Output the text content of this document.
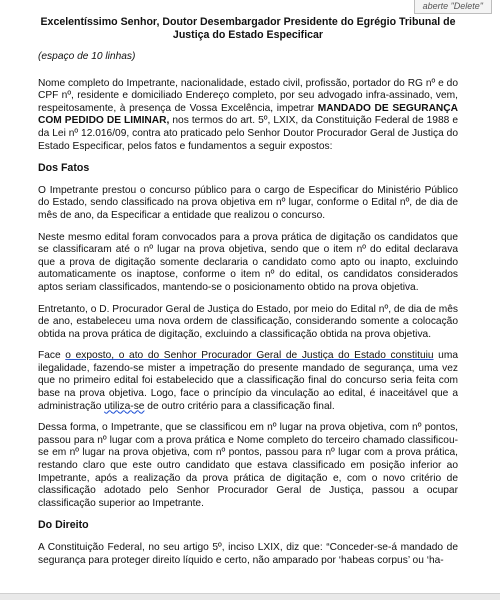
aberte "Delete"
Excelentíssimo Senhor, Doutor Desembargador Presidente do Egrégio Tribunal de Justiça do Estado Especificar
(espaço de 10 linhas)

Nome completo do Impetrante, nacionalidade, estado civil, profissão, portador do RG nº e do CPF nº, residente e domiciliado Endereço completo, por seu advogado infra-assinado, vem, respeitosamente, à presença de Vossa Excelência, impetrar MANDADO DE SEGURANÇA COM PEDIDO DE LIMINAR, nos termos do art. 5º, LXIX, da Constituição Federal de 1988 e da Lei nº 12.016/09, contra ato praticado pelo Senhor Doutor Procurador Geral de Justiça do Estado Especificar, pelos fatos e fundamentos a seguir expostos:

Dos Fatos

O Impetrante prestou o concurso público para o cargo de Especificar do Ministério Público do Estado, sendo classificado na prova objetiva em nº lugar, conforme o Edital nº, de dia de mês de ano, da Especificar a entidade que realizou o concurso.

Neste mesmo edital foram convocados para a prova prática de digitação os candidatos que se classificaram até o nº lugar na prova objetiva, sendo que o item nº do edital declarava que a prova de digitação somente declararia o candidato como apto ou inapto, excluindo automaticamente os inaptose, conforme o item nº do edital, os candidatos considerados aptos seriam classificados, mantendo-se o posicionamento obtido na prova objetiva.

Entretanto, o D. Procurador Geral de Justiça do Estado, por meio do Edital nº, de dia de mês de ano, estabeleceu uma nova ordem de classificação, considerando somente a colocação obtida na prova prática de digitação, excluindo a classificação obtida na prova objetiva.

Face o exposto, o ato do Senhor Procurador Geral de Justiça do Estado constituiu uma ilegalidade, fazendo-se mister a impetração do presente mandado de segurança, uma vez que no primeiro edital foi estabelecido que a classificação final do concurso seria feita com base na prova objetiva. Logo, face o princípio da vinculação ao edital, é inaceitável que a administração utiliza-se de outro critério para a classificação final.

Dessa forma, o Impetrante, que se classificou em nº lugar na prova objetiva, com nº pontos, passou para nº lugar com a prova prática e Nome completo do terceiro chamado classificou-se em nº lugar na prova objetiva, com nº pontos, passou para nº lugar com a prova prática, restando claro que este outro candidato que estava classificado em posição inferior ao Impetrante, após a realização da prova prática de digitação e, com o novo critério de classificação adotado pelo Senhor Procurador Geral de Justiça, passou a ocupar classificação superior ao Impetrante.

Do Direito

A Constituição Federal, no seu artigo 5º, inciso LXIX, diz que: “Conceder-se-á mandado de segurança para proteger direito líquido e certo, não amparado por ‘habeas corpus’ ou ‘ha-
